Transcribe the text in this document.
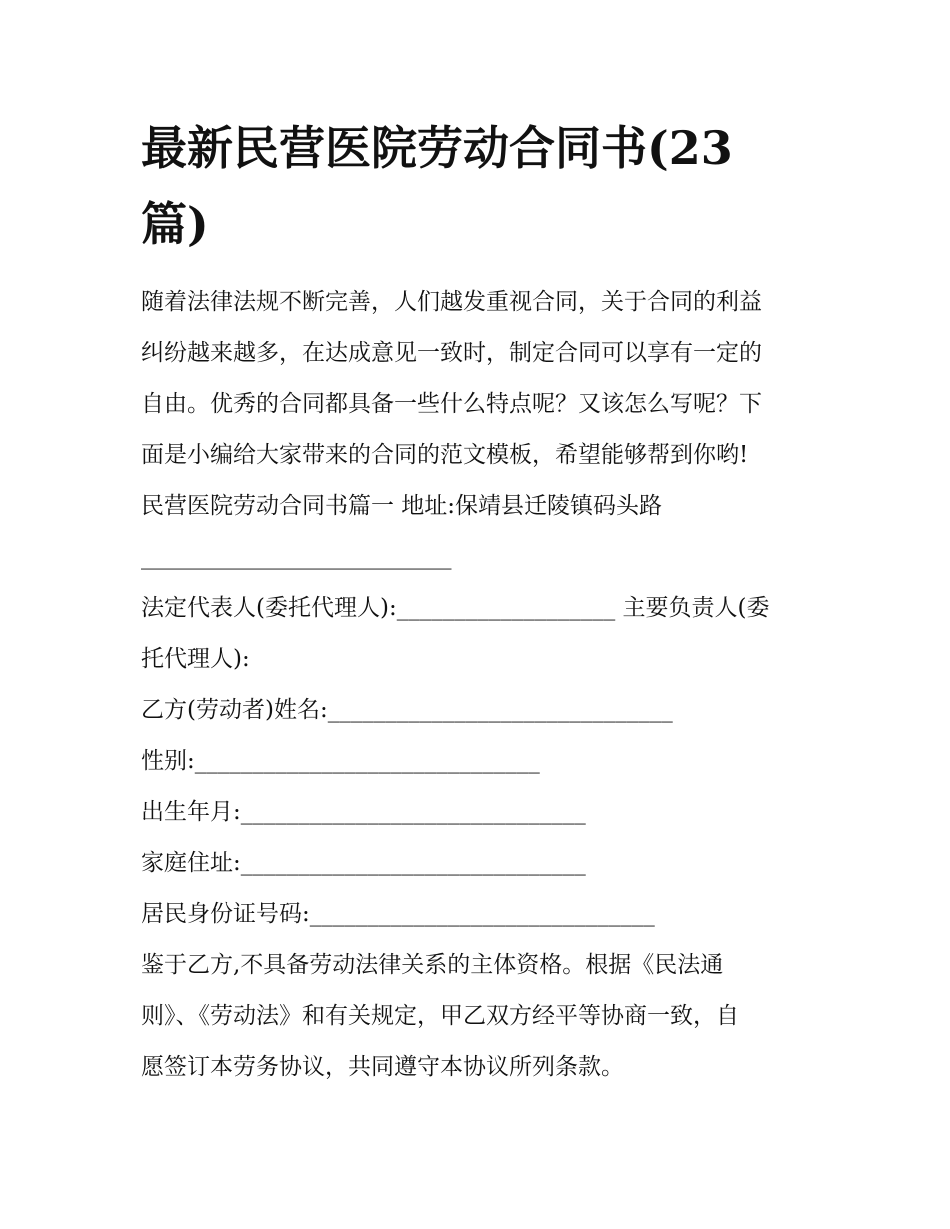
最新民营医院劳动合同书(23
篇)
随着法律法规不断完善，人们越发重视合同，关于合同的利益
纠纷越来越多，在达成意见一致时，制定合同可以享有一定的
自由。优秀的合同都具备一些什么特点呢？又该怎么写呢？下
面是小编给大家带来的合同的范文模板，希望能够帮到你哟!
民营医院劳动合同书篇一 地址:保靖县迁陵镇码头路
___________________________
法定代表人(委托代理人):___________________ 主要负责人(委
托代理人):
乙方(劳动者)姓名:______________________________
性别:______________________________
出生年月:______________________________
家庭住址:______________________________
居民身份证号码:______________________________
鉴于乙方,不具备劳动法律关系的主体资格。根据《民法通
则》、《劳动法》和有关规定，甲乙双方经平等协商一致，自
愿签订本劳务协议，共同遵守本协议所列条款。
